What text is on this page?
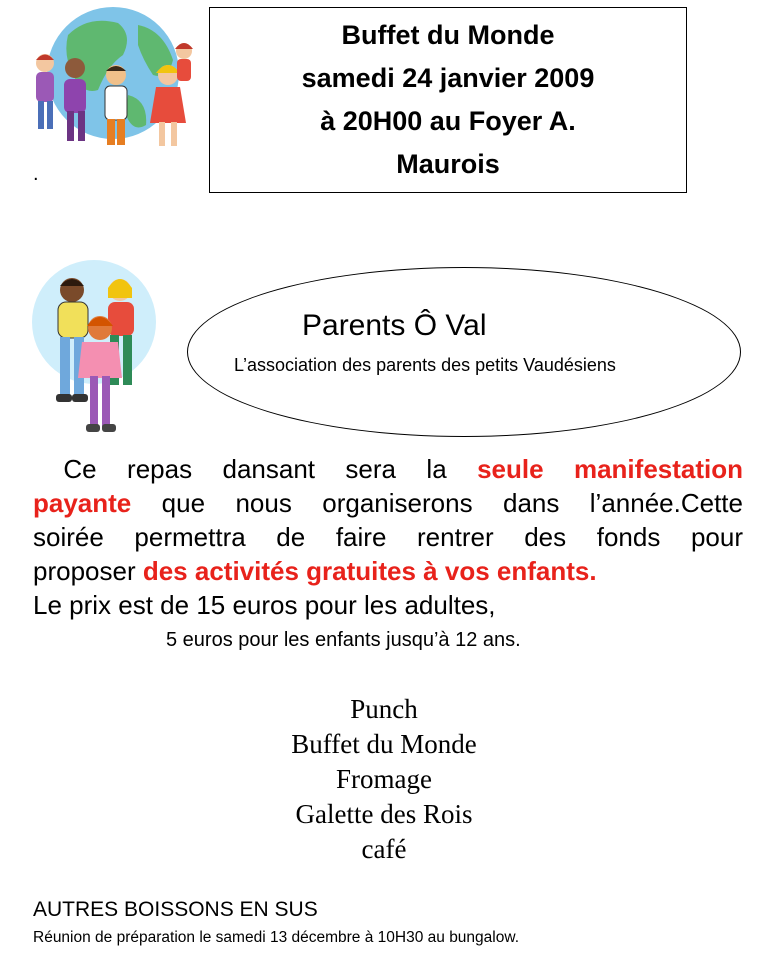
.
Buffet du Monde
samedi 24 janvier 2009
à 20H00 au Foyer A.
Maurois
Parents Ô Val
L’association des parents des petits Vaudésiens
Ce repas dansant sera la seule manifestation
payante que nous organiserons dans l’année.Cette
soirée permettra de faire rentrer des fonds pour
proposer des activités gratuites à vos enfants.
Le prix est de 15 euros pour les adultes,
5 euros pour les enfants jusqu’à 12 ans.
Punch
Buffet du Monde
Fromage
Galette des Rois
café
AUTRES BOISSONS EN SUS
Réunion de préparation le samedi 13 décembre à 10H30 au bungalow.
